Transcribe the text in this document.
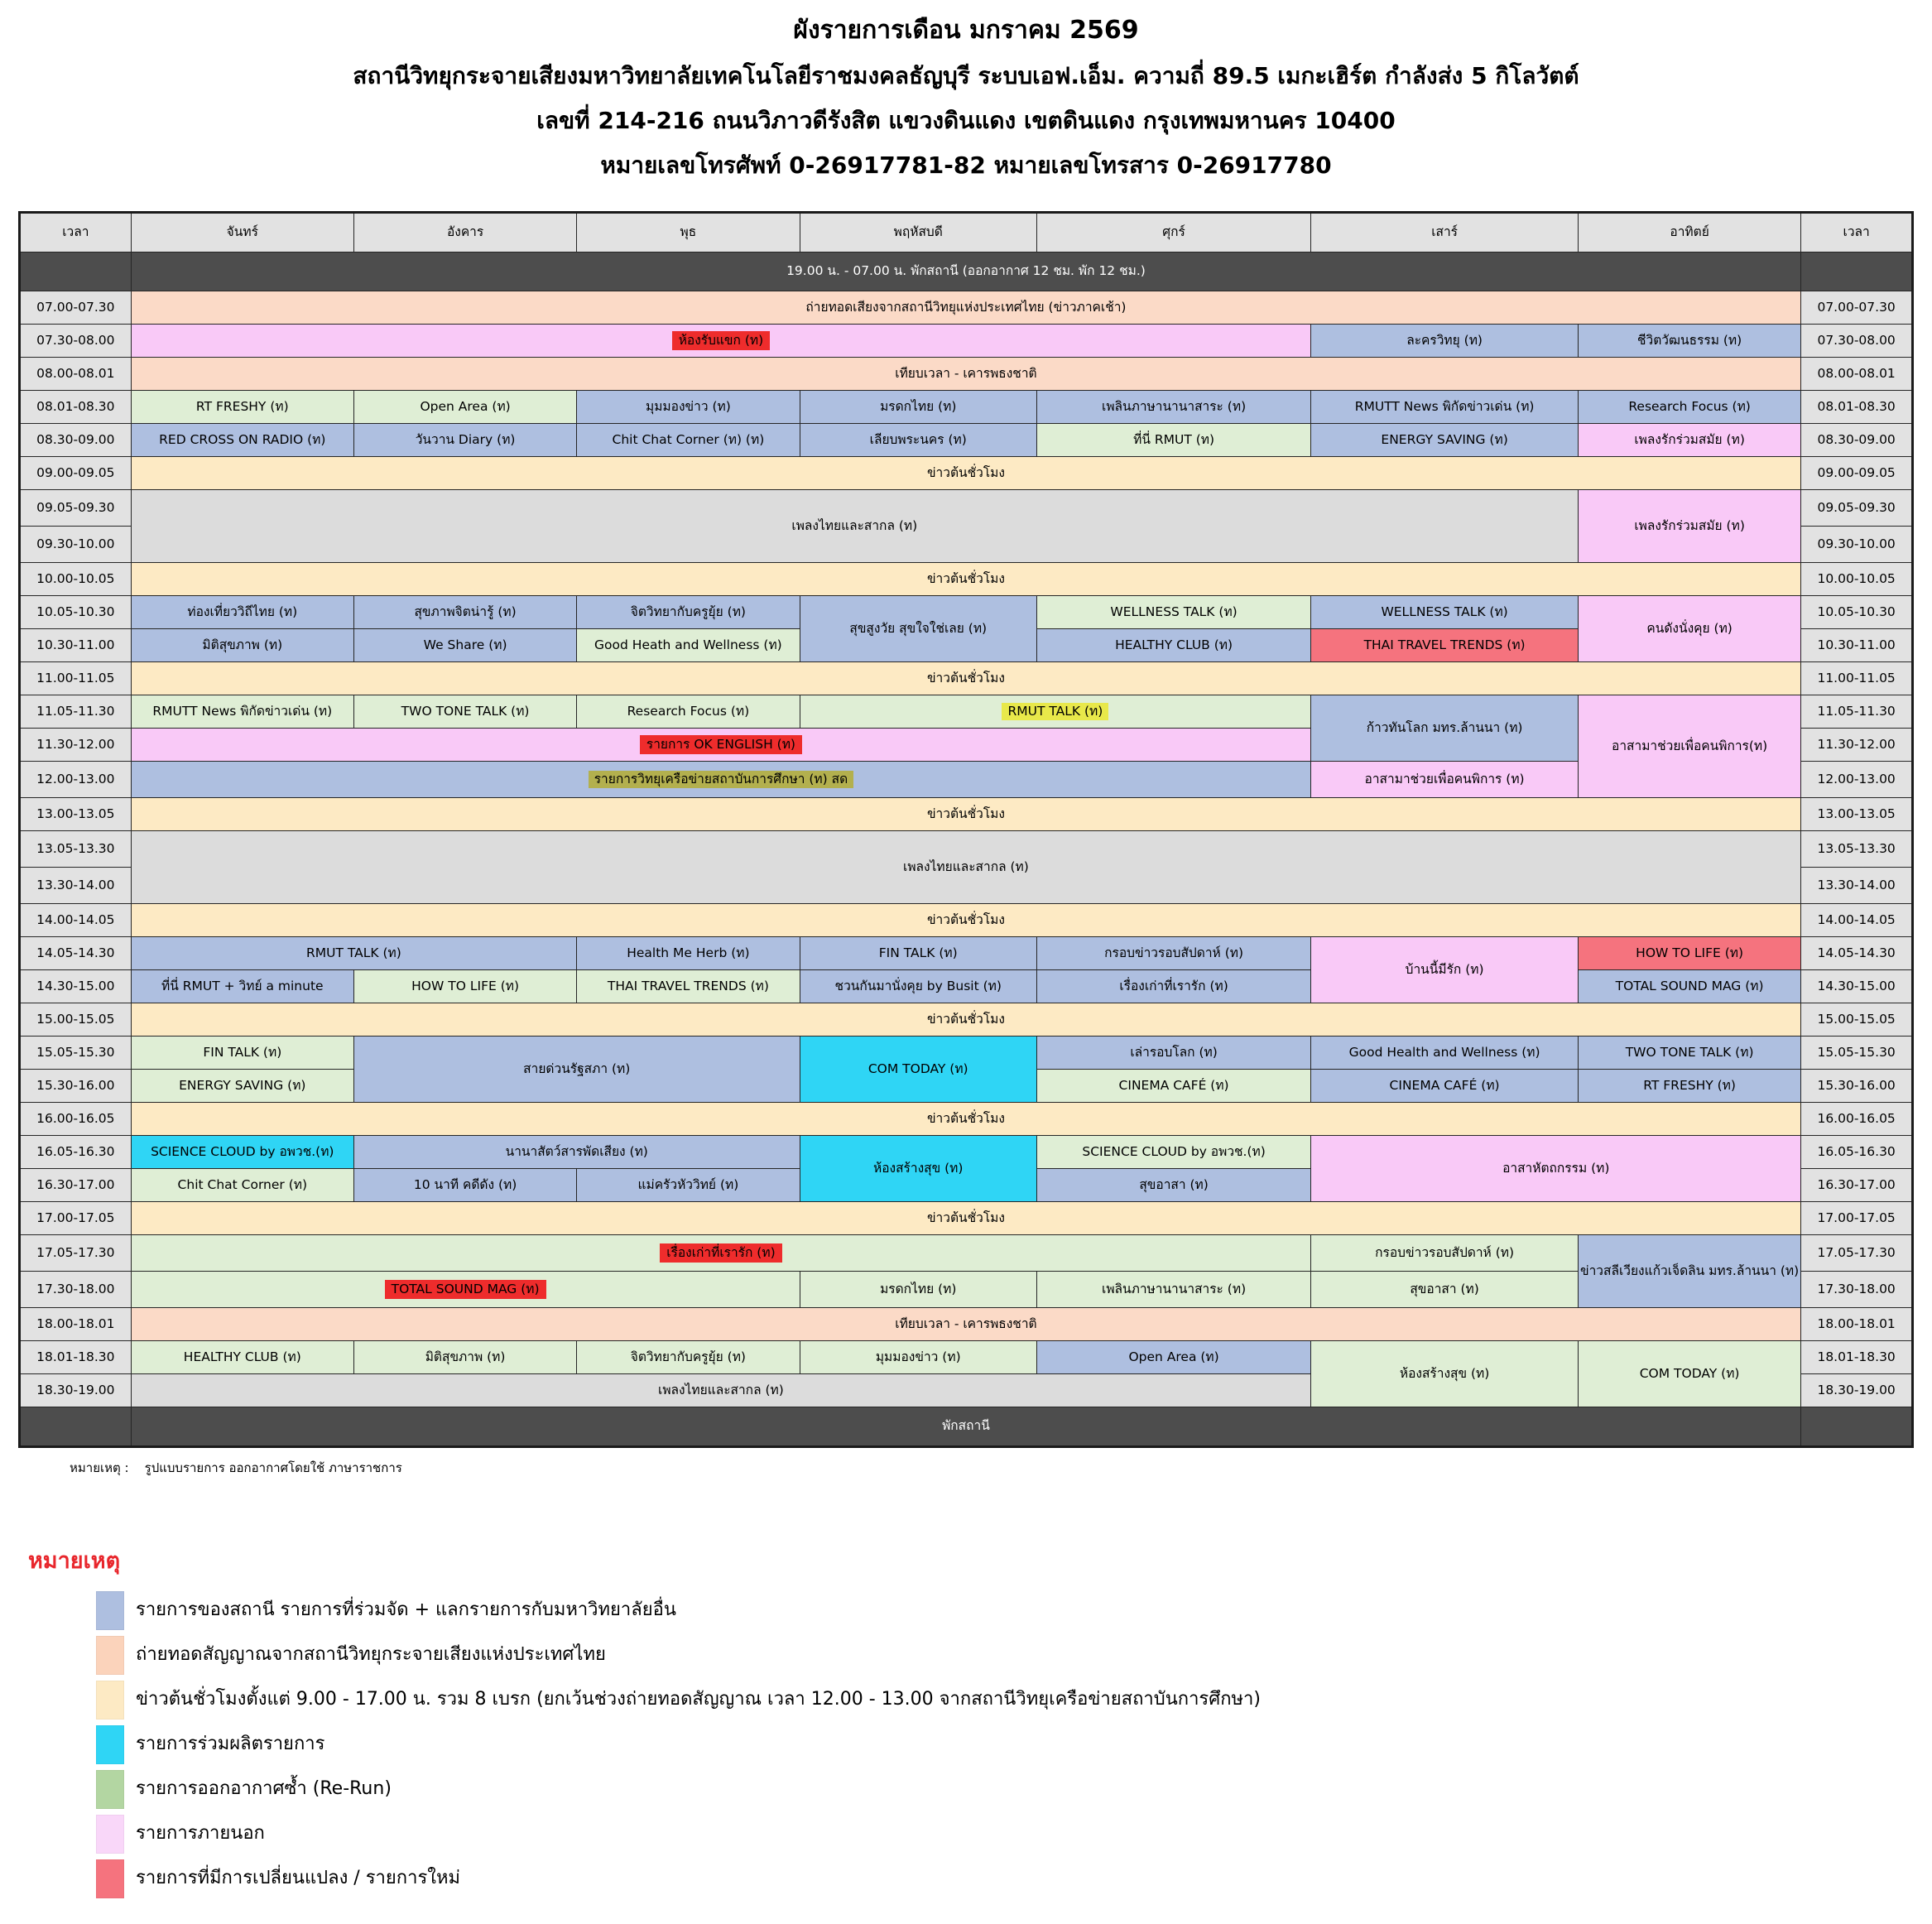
ผังรายการเดือน มกราคม 2569
สถานีวิทยุกระจายเสียงมหาวิทยาลัยเทคโนโลยีราชมงคลธัญบุรี ระบบเอฟ.เอ็ม. ความถี่ 89.5 เมกะเฮิร์ต กำลังส่ง 5 กิโลวัตต์
เลขที่ 214-216 ถนนวิภาวดีรังสิต แขวงดินแดง เขตดินแดง กรุงเทพมหานคร 10400
หมายเลขโทรศัพท์ 0-26917781-82 หมายเลขโทรสาร 0-26917780
เวลา	จันทร์	อังคาร	พุธ	พฤหัสบดี	ศุกร์	เสาร์	อาทิตย์	เวลา
	19.00 น. - 07.00 น. พักสถานี (ออกอากาศ 12 ชม. พัก 12 ชม.)							
07.00-07.30	ถ่ายทอดเสียงจากสถานีวิทยุแห่งประเทศไทย (ข่าวภาคเช้า)							07.00-07.30
07.30-08.00	ห้องรับแขก (ท)					ละครวิทยุ (ท)	ชีวิตวัฒนธรรม (ท)	07.30-08.00
08.00-08.01	เทียบเวลา - เคารพธงชาติ							08.00-08.01
08.01-08.30	RT FRESHY (ท)	Open Area (ท)	มุมมองข่าว (ท)	มรดกไทย (ท)	เพลินภาษานานาสาระ (ท)	RMUTT News พิกัดข่าวเด่น (ท)	Research Focus (ท)	08.01-08.30
08.30-09.00	RED CROSS ON RADIO (ท)	วันวาน Diary (ท)	Chit Chat Corner (ท) (ท)	เลียบพระนคร (ท)	ที่นี่ RMUT (ท)	ENERGY SAVING (ท)	เพลงรักร่วมสมัย (ท)	08.30-09.00
09.00-09.05	ข่าวต้นชั่วโมง							09.00-09.05
09.05-09.30	เพลงไทยและสากล (ท)						เพลงรักร่วมสมัย (ท)	09.05-09.30
09.30-10.00								09.30-10.00
10.00-10.05	ข่าวต้นชั่วโมง							10.00-10.05
10.05-10.30	ท่องเที่ยววิถีไทย (ท)	สุขภาพจิตน่ารู้ (ท)	จิตวิทยากับครูยุ้ย (ท)	สุขสูงวัย สุขใจใช่เลย (ท)	WELLNESS TALK (ท)	WELLNESS TALK (ท)	คนดังนั่งคุย (ท)	10.05-10.30
10.30-11.00	มิติสุขภาพ (ท)	We Share (ท)	Good Heath and Wellness (ท)		HEALTHY CLUB (ท)	THAI TRAVEL TRENDS (ท)		10.30-11.00
11.00-11.05	ข่าวต้นชั่วโมง							11.00-11.05
11.05-11.30	RMUTT News พิกัดข่าวเด่น (ท)	TWO TONE TALK (ท)	Research Focus (ท)	RMUT TALK (ท)		ก้าวทันโลก มทร.ล้านนา (ท)	อาสามาช่วยเพื่อคนพิการ(ท)	11.05-11.30
11.30-12.00	รายการ OK ENGLISH (ท)							11.30-12.00
12.00-13.00	รายการวิทยุเครือข่ายสถาบันการศึกษา (ท) สด					อาสามาช่วยเพื่อคนพิการ (ท)		12.00-13.00
13.00-13.05	ข่าวต้นชั่วโมง							13.00-13.05
13.05-13.30	เพลงไทยและสากล (ท)							13.05-13.30
13.30-14.00								13.30-14.00
14.00-14.05	ข่าวต้นชั่วโมง							14.00-14.05
14.05-14.30	RMUT TALK (ท)		Health Me Herb (ท)	FIN TALK (ท)	กรอบข่าวรอบสัปดาห์ (ท)	บ้านนี้มีรัก (ท)	HOW TO LIFE (ท)	14.05-14.30
14.30-15.00	ที่นี่ RMUT + วิทย์ a minute	HOW TO LIFE (ท)	THAI TRAVEL TRENDS (ท)	ชวนกันมานั่งคุย by Busit (ท)	เรื่องเก่าที่เรารัก (ท)		TOTAL SOUND MAG (ท)	14.30-15.00
15.00-15.05	ข่าวต้นชั่วโมง							15.00-15.05
15.05-15.30	FIN TALK (ท)	สายด่วนรัฐสภา (ท)		COM TODAY (ท)	เล่ารอบโลก (ท)	Good Health and Wellness (ท)	TWO TONE TALK (ท)	15.05-15.30
15.30-16.00	ENERGY SAVING (ท)				CINEMA CAFÉ (ท)	CINEMA CAFÉ (ท)	RT FRESHY (ท)	15.30-16.00
16.00-16.05	ข่าวต้นชั่วโมง							16.00-16.05
16.05-16.30	SCIENCE CLOUD by อพวช.(ท)	นานาสัตว์สารพัดเสียง (ท)		ห้องสร้างสุข (ท)	SCIENCE CLOUD by อพวช.(ท)	อาสาหัตถกรรม (ท)		16.05-16.30
16.30-17.00	Chit Chat Corner (ท)	10 นาที คดีดัง (ท)	แม่ครัวหัววิทย์ (ท)		สุขอาสา (ท)			16.30-17.00
17.00-17.05	ข่าวต้นชั่วโมง							17.00-17.05
17.05-17.30	เรื่องเก่าที่เรารัก (ท)					กรอบข่าวรอบสัปดาห์ (ท)	ข่าวสลีเวียงแก้วเจ็ดลิน มทร.ล้านนา (ท)	17.05-17.30
17.30-18.00	TOTAL SOUND MAG (ท)			มรดกไทย (ท)	เพลินภาษานานาสาระ (ท)	สุขอาสา (ท)		17.30-18.00
18.00-18.01	เทียบเวลา - เคารพธงชาติ							18.00-18.01
18.01-18.30	HEALTHY CLUB (ท)	มิติสุขภาพ (ท)	จิตวิทยากับครูยุ้ย (ท)	มุมมองข่าว (ท)	Open Area (ท)	ห้องสร้างสุข (ท)	COM TODAY (ท)	18.01-18.30
18.30-19.00	เพลงไทยและสากล (ท)							18.30-19.00
	พักสถานี							
หมายเหตุ : รูปแบบรายการ ออกอากาศโดยใช้ ภาษาราชการ
หมายเหตุ
รายการของสถานี รายการที่ร่วมจัด + แลกรายการกับมหาวิทยาลัยอื่น
ถ่ายทอดสัญญาณจากสถานีวิทยุกระจายเสียงแห่งประเทศไทย
ข่าวต้นชั่วโมงตั้งแต่ 9.00 - 17.00 น. รวม 8 เบรก (ยกเว้นช่วงถ่ายทอดสัญญาณ เวลา 12.00 - 13.00 จากสถานีวิทยุเครือข่ายสถาบันการศึกษา)
รายการร่วมผลิตรายการ
รายการออกอากาศซ้ำ (Re-Run)
รายการภายนอก
รายการที่มีการเปลี่ยนแปลง / รายการใหม่
